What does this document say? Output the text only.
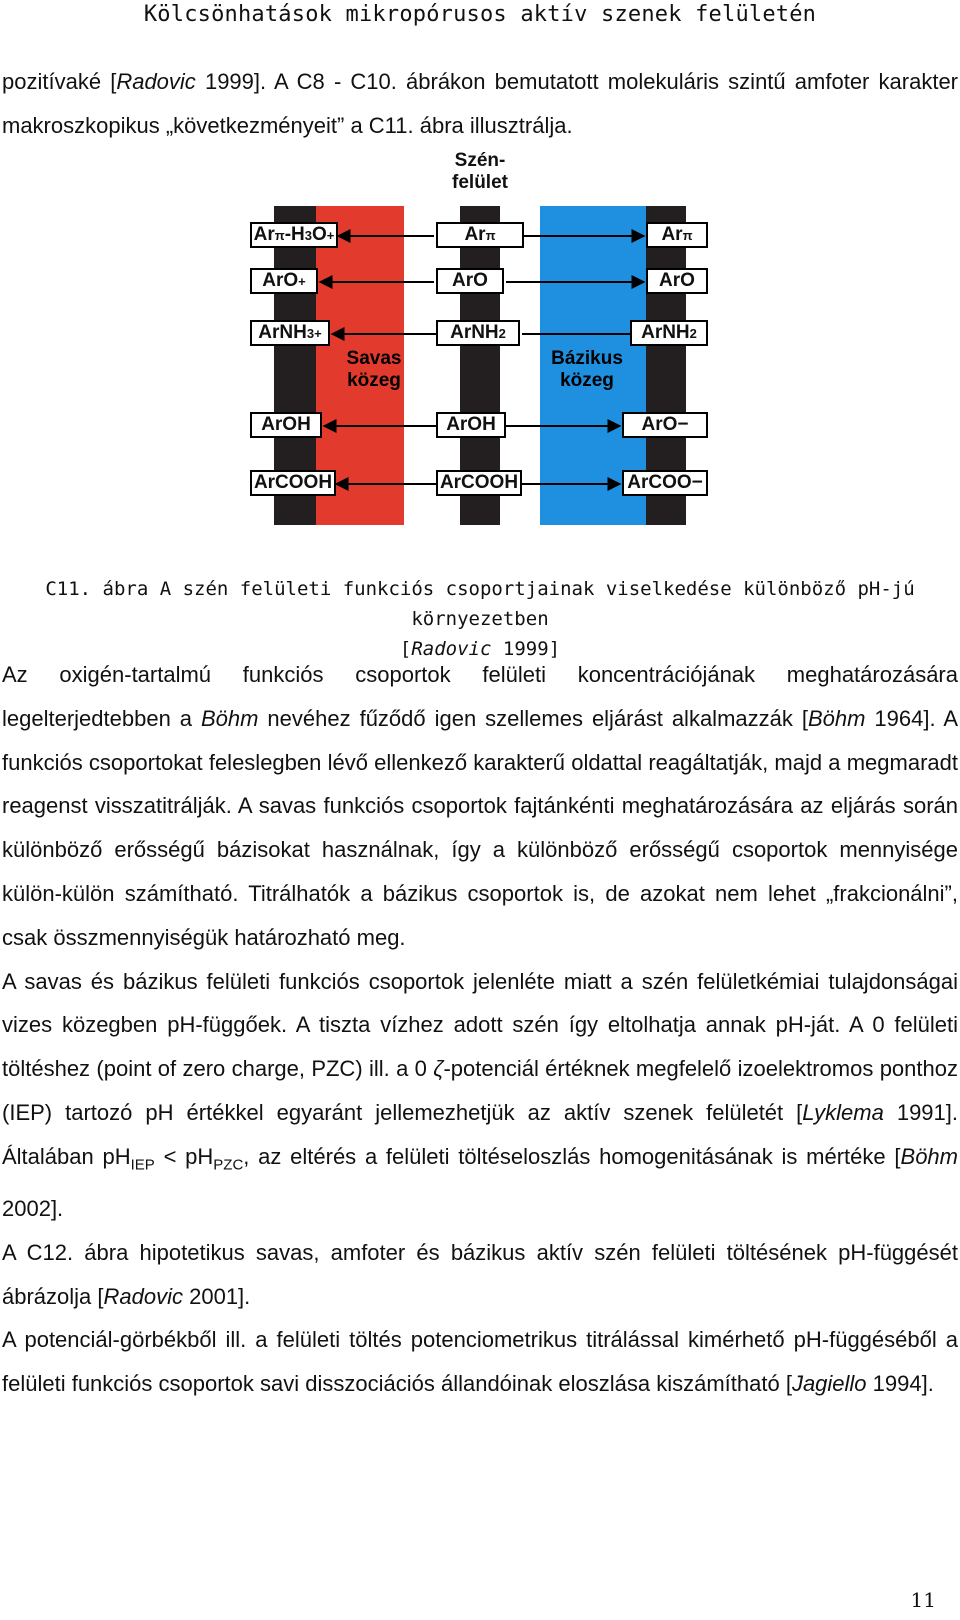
Kölcsönhatások mikropórusos aktív szenek felületén

pozitívaké [Radovic 1999]. A C8 - C10. ábrákon bemutatott molekuláris szintű amfoter karakter makroszkopikus „következményeit” a C11. ábra illusztrálja.

Szén-
felület
Savas
közeg
Bázikus
közeg
Ar π -H 3 O +	Ar π	Ar π
ArO +	ArO	ArO
ArNH 3 +	ArNH 2	ArNH 2
ArOH	ArOH	ArO−
ArCOOH	ArCOOH	ArCOO−
C11. ábra A szén felületi funkciós csoportjainak viselkedése különböző pH-jú környezetben
[Radovic 1999]

Az oxigén-tartalmú funkciós csoportok felületi koncentrációjának meghatározására legelterjedtebben a Böhm nevéhez fűződő igen szellemes eljárást alkalmazzák [Böhm 1964]. A funkciós csoportokat feleslegben lévő ellenkező karakterű oldattal reagáltatják, majd a megmaradt reagenst visszatitrálják. A savas funkciós csoportok fajtánkénti meghatározására az eljárás során különböző erősségű bázisokat használnak, így a különböző erősségű csoportok mennyisége külön-külön számítható. Titrálhatók a bázikus csoportok is, de azokat nem lehet „frakcionálni”, csak összmennyiségük határozható meg.

A savas és bázikus felületi funkciós csoportok jelenléte miatt a szén felületkémiai tulajdonságai vizes közegben pH-függőek. A tiszta vízhez adott szén így eltolhatja annak pH-ját. A 0 felületi töltéshez (point of zero charge, PZC) ill. a 0 ζ-potenciál értéknek megfelelő izoelektromos ponthoz (IEP) tartozó pH értékkel egyaránt jellemezhetjük az aktív szenek felületét [Lyklema 1991]. Általában $pH_{IEP} < pH_{PZC}$, az eltérés a felületi töltéseloszlás homogenitásának is mértéke [Böhm 2002].

A C12. ábra hipotetikus savas, amfoter és bázikus aktív szén felületi töltésének pH-függését ábrázolja [Radovic 2001].

A potenciál-görbékből ill. a felületi töltés potenciometrikus titrálással kimérhető pH-függéséből a felületi funkciós csoportok savi disszociációs állandóinak eloszlása kiszámítható [Jagiello 1994].

11
